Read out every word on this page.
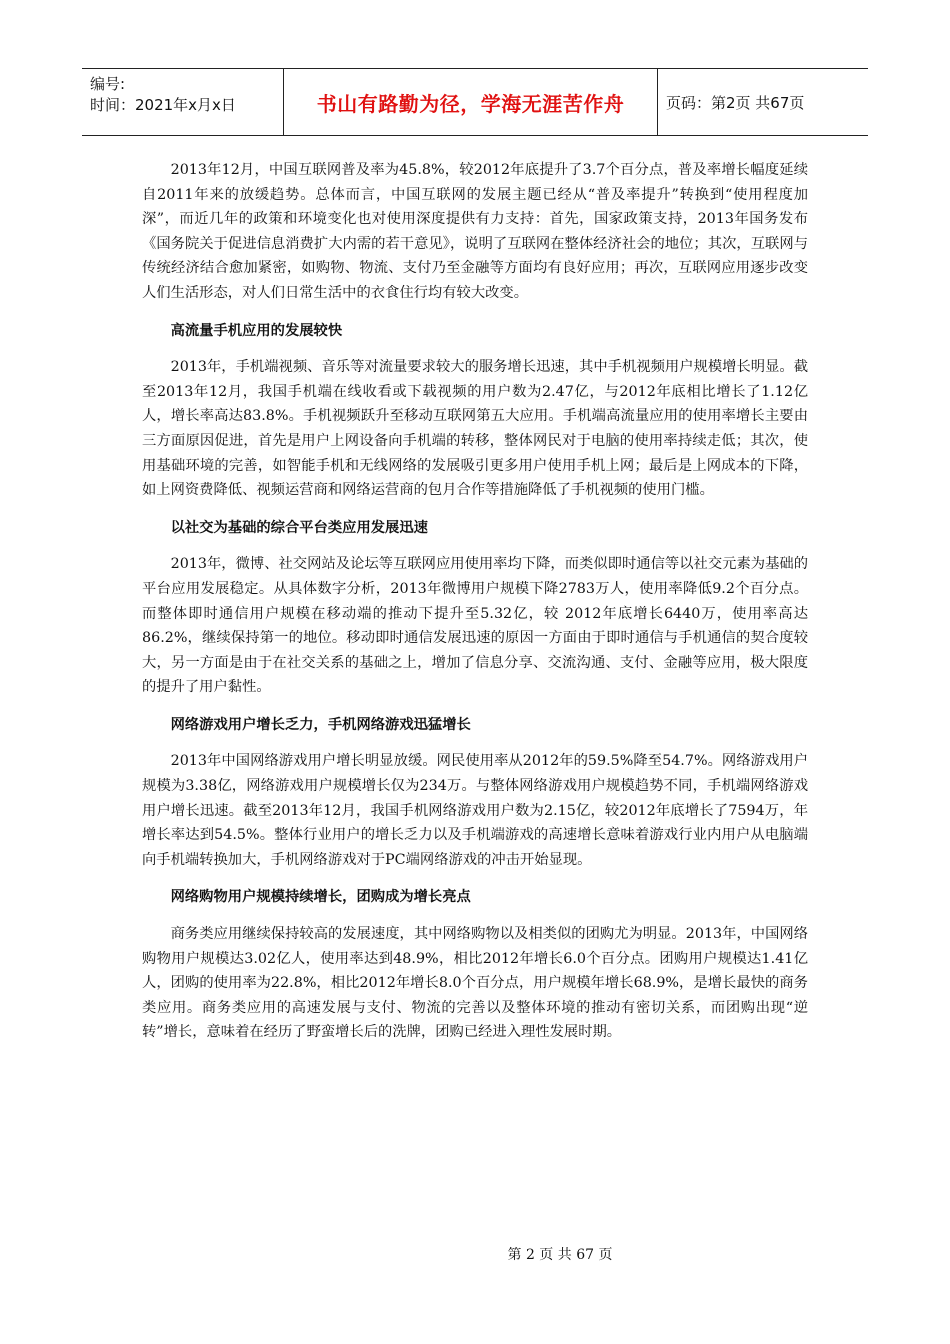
编号:
时间：2021年x月x日	书山有路勤为径，学海无涯苦作舟	页码：第2页 共67页

2013年12月，中国互联网普及率为45.8%，较2012年底提升了3.7个百分点，普及率增长幅度延续自2011年来的放缓趋势。总体而言，中国互联网的发展主题已经从“普及率提升”转换到“使用程度加深”，而近几年的政策和环境变化也对使用深度提供有力支持：首先，国家政策支持，2013年国务发布《国务院关于促进信息消费扩大内需的若干意见》，说明了互联网在整体经济社会的地位；其次，互联网与传统经济结合愈加紧密，如购物、物流、支付乃至金融等方面均有良好应用；再次，互联网应用逐步改变人们生活形态，对人们日常生活中的衣食住行均有较大改变。

高流量手机应用的发展较快

2013年，手机端视频、音乐等对流量要求较大的服务增长迅速，其中手机视频用户规模增长明显。截至2013年12月，我国手机端在线收看或下载视频的用户数为2.47亿，与2012年底相比增长了1.12亿人，增长率高达83.8%。手机视频跃升至移动互联网第五大应用。手机端高流量应用的使用率增长主要由三方面原因促进，首先是用户上网设备向手机端的转移，整体网民对于电脑的使用率持续走低；其次，使用基础环境的完善，如智能手机和无线网络的发展吸引更多用户使用手机上网；最后是上网成本的下降，如上网资费降低、视频运营商和网络运营商的包月合作等措施降低了手机视频的使用门槛。

以社交为基础的综合平台类应用发展迅速

2013年，微博、社交网站及论坛等互联网应用使用率均下降，而类似即时通信等以社交元素为基础的平台应用发展稳定。从具体数字分析，2013年微博用户规模下降2783万人，使用率降低9.2个百分点。而整体即时通信用户规模在移动端的推动下提升至5.32亿，较 2012年底增长6440万，使用率高达86.2%，继续保持第一的地位。移动即时通信发展迅速的原因一方面由于即时通信与手机通信的契合度较大，另一方面是由于在社交关系的基础之上，增加了信息分享、交流沟通、支付、金融等应用，极大限度的提升了用户黏性。

网络游戏用户增长乏力，手机网络游戏迅猛增长

2013年中国网络游戏用户增长明显放缓。网民使用率从2012年的59.5%降至54.7%。网络游戏用户规模为3.38亿，网络游戏用户规模增长仅为234万。与整体网络游戏用户规模趋势不同，手机端网络游戏用户增长迅速。截至2013年12月，我国手机网络游戏用户数为2.15亿，较2012年底增长了7594万，年增长率达到54.5%。整体行业用户的增长乏力以及手机端游戏的高速增长意味着游戏行业内用户从电脑端向手机端转换加大，手机网络游戏对于PC端网络游戏的冲击开始显现。

网络购物用户规模持续增长，团购成为增长亮点

商务类应用继续保持较高的发展速度，其中网络购物以及相类似的团购尤为明显。2013年，中国网络购物用户规模达3.02亿人，使用率达到48.9%，相比2012年增长6.0个百分点。团购用户规模达1.41亿人，团购的使用率为22.8%，相比2012年增长8.0个百分点，用户规模年增长68.9%，是增长最快的商务类应用。商务类应用的高速发展与支付、物流的完善以及整体环境的推动有密切关系，而团购出现“逆转”增长，意味着在经历了野蛮增长后的洗牌，团购已经进入理性发展时期。

第 2 页 共 67 页
